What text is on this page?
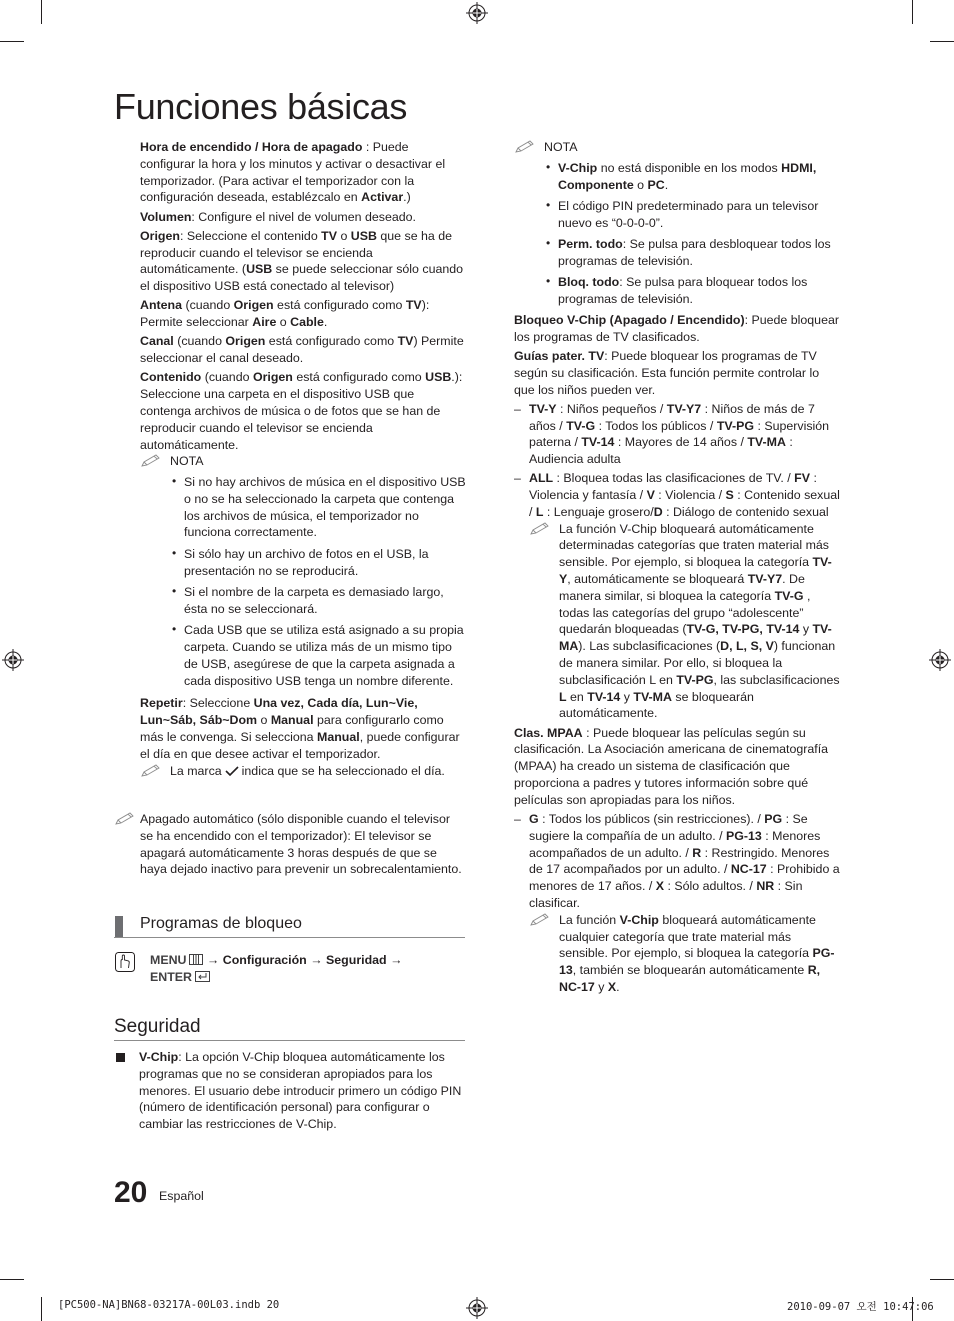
Funciones básicas

Hora de encendido / Hora de apagado : Puede configurar la hora y los minutos y activar o desactivar el temporizador. (Para activar el temporizador con la configuración deseada, establézcalo en Activar.)

Volumen: Configure el nivel de volumen deseado.

Origen: Seleccione el contenido TV o USB que se ha de reproducir cuando el televisor se encienda automáticamente. (USB se puede seleccionar sólo cuando el dispositivo USB está conectado al televisor)

Antena (cuando Origen está configurado como TV): Permite seleccionar Aire o Cable.

Canal (cuando Origen está configurado como TV) Permite seleccionar el canal deseado.

Contenido (cuando Origen está configurado como USB.): Seleccione una carpeta en el dispositivo USB que contenga archivos de música o de fotos que se han de reproducir cuando el televisor se encienda automáticamente.

NOTA
• Si no hay archivos de música en el dispositivo USB o no se ha seleccionado la carpeta que contenga los archivos de música, el temporizador no funciona correctamente.
• Si sólo hay un archivo de fotos en el USB, la presentación no se reproducirá.
• Si el nombre de la carpeta es demasiado largo, ésta no se seleccionará.
• Cada USB que se utiliza está asignado a su propia carpeta. Cuando se utiliza más de un mismo tipo de USB, asegúrese de que la carpeta asignada a cada dispositivo USB tenga un nombre diferente.

Repetir: Seleccione Una vez, Cada día, Lun~Vie, Lun~Sáb, Sáb~Dom o Manual para configurarlo como más le convenga. Si selecciona Manual, puede configurar el día en que desee activar el temporizador.

La marca indica que se ha seleccionado el día.
Apagado automático (sólo disponible cuando el televisor se ha encendido con el temporizador): El televisor se apagará automáticamente 3 horas después de que se haya dejado inactivo para prevenir un sobrecalentamiento.
Programas de bloqueo
MENU → Configuración → Seguridad →
ENTER
Seguridad
V-Chip: La opción V-Chip bloquea automáticamente los programas que no se consideran apropiados para los menores. El usuario debe introducir primero un código PIN (número de identificación personal) para configurar o cambiar las restricciones de V-Chip.
NOTA
• V-Chip no está disponible en los modos HDMI, Componente o PC.
• El código PIN predeterminado para un televisor nuevo es “0-0-0-0”.
• Perm. todo: Se pulsa para desbloquear todos los programas de televisión.
• Bloq. todo: Se pulsa para bloquear todos los programas de televisión.

Bloqueo V-Chip (Apagado / Encendido): Puede bloquear los programas de TV clasificados.

Guías pater. TV: Puede bloquear los programas de TV según su clasificación. Esta función permite controlar lo que los niños pueden ver.

– TV-Y : Niños pequeños / TV-Y7 : Niños de más de 7 años / TV-G : Todos los públicos / TV-PG : Supervisión paterna / TV-14 : Mayores de 14 años / TV-MA : Audiencia adulta
– ALL : Bloquea todas las clasificaciones de TV. / FV : Violencia y fantasía / V : Violencia / S : Contenido sexual / L : Lenguaje grosero/D : Diálogo de contenido sexual
La función V-Chip bloqueará automáticamente determinadas categorías que traten material más sensible. Por ejemplo, si bloquea la categoría TV-Y, automáticamente se bloqueará TV-Y7. De manera similar, si bloquea la categoría TV-G , todas las categorías del grupo “adolescente” quedarán bloqueadas (TV-G, TV-PG, TV-14 y TV-MA). Las subclasificaciones (D, L, S, V) funcionan de manera similar. Por ello, si bloquea la subclasificación L en TV-PG, las subclasificaciones L en TV-14 y TV-MA se bloquearán automáticamente.

Clas. MPAA : Puede bloquear las películas según su clasificación. La Asociación americana de cinematografía (MPAA) ha creado un sistema de clasificación que proporciona a padres y tutores información sobre qué películas son apropiadas para los niños.

– G : Todos los públicos (sin restricciones). / PG : Se sugiere la compañía de un adulto. / PG-13 : Menores acompañados de un adulto. / R : Restringido. Menores de 17 acompañados por un adulto. / NC-17 : Prohibido a menores de 17 años. / X : Sólo adultos. / NR : Sin clasificar.
La función V-Chip bloqueará automáticamente cualquier categoría que trate material más sensible. Por ejemplo, si bloquea la categoría PG-13, también se bloquearán automáticamente R, NC-17 y X.
20 Español
[PC500-NA]BN68-03217A-00L03.indb 20	2010-09-07 오전 10:47:06
